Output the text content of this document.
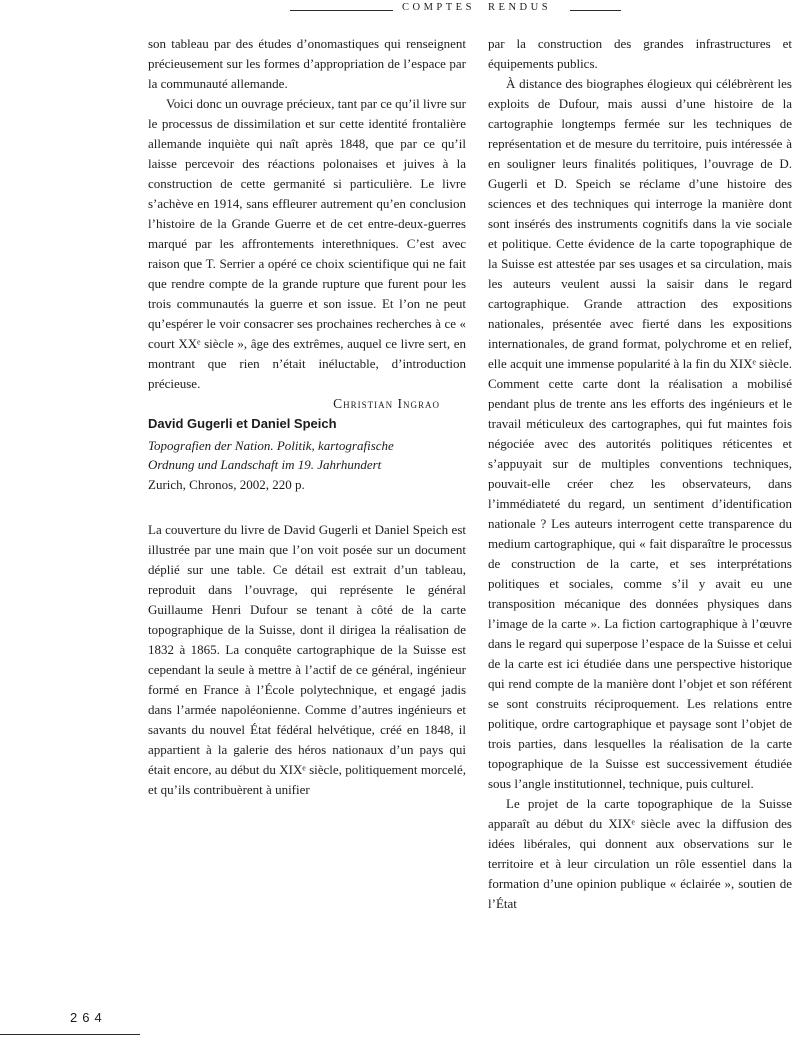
COMPTES RENDUS

son tableau par des études d’onomastiques qui renseignent précieusement sur les formes d’appropriation de l’espace par la communauté allemande.

Voici donc un ouvrage précieux, tant par ce qu’il livre sur le processus de dissimilation et sur cette identité frontalière allemande inquiète qui naît après 1848, que par ce qu’il laisse percevoir des réactions polonaises et juives à la construction de cette germanité si particulière. Le livre s’achève en 1914, sans effleurer autrement qu’en conclusion l’histoire de la Grande Guerre et de cet entre-deux-guerres marqué par les affrontements interethniques. C’est avec raison que T. Serrier a opéré ce choix scientifique qui ne fait que rendre compte de la grande rupture que furent pour les trois communautés la guerre et son issue. Et l’on ne peut qu’espérer le voir consacrer ses prochaines recherches à ce « court XXᵉ siècle », âge des extrêmes, auquel ce livre sert, en montrant que rien n’était inéluctable, d’introduction précieuse.

Christian Ingrao

David Gugerli et Daniel Speich
Topografien der Nation. Politik, kartografische Ordnung und Landschaft im 19. Jahrhundert
Zurich, Chronos, 2002, 220 p.

La couverture du livre de David Gugerli et Daniel Speich est illustrée par une main que l’on voit posée sur un document déplié sur une table. Ce détail est extrait d’un tableau, reproduit dans l’ouvrage, qui représente le général Guillaume Henri Dufour se tenant à côté de la carte topographique de la Suisse, dont il dirigea la réalisation de 1832 à 1865. La conquête cartographique de la Suisse est cependant la seule à mettre à l’actif de ce général, ingénieur formé en France à l’École polytechnique, et engagé jadis dans l’armée napoléonienne. Comme d’autres ingénieurs et savants du nouvel État fédéral helvétique, créé en 1848, il appartient à la galerie des héros nationaux d’un pays qui était encore, au début du XIXᵉ siècle, politiquement morcelé, et qu’ils contribuèrent à unifier

par la construction des grandes infrastructures et équipements publics.

À distance des biographes élogieux qui célébrèrent les exploits de Dufour, mais aussi d’une histoire de la cartographie longtemps fermée sur les techniques de représentation et de mesure du territoire, puis intéressée à en souligner leurs finalités politiques, l’ouvrage de D. Gugerli et D. Speich se réclame d’une histoire des sciences et des techniques qui interroge la manière dont sont insérés des instruments cognitifs dans la vie sociale et politique. Cette évidence de la carte topographique de la Suisse est attestée par ses usages et sa circulation, mais les auteurs veulent aussi la saisir dans le regard cartographique. Grande attraction des expositions nationales, présentée avec fierté dans les expositions internationales, de grand format, polychrome et en relief, elle acquit une immense popularité à la fin du XIXᵉ siècle. Comment cette carte dont la réalisation a mobilisé pendant plus de trente ans les efforts des ingénieurs et le travail méticuleux des cartographes, qui fut maintes fois négociée avec des autorités politiques réticentes et s’appuyait sur de multiples conventions techniques, pouvait-elle créer chez les observateurs, dans l’immédiateté du regard, un sentiment d’identification nationale ? Les auteurs interrogent cette transparence du medium cartographique, qui « fait disparaître le processus de construction de la carte, et ses interprétations politiques et sociales, comme s’il y avait eu une transposition mécanique des données physiques dans l’image de la carte ». La fiction cartographique à l’œuvre dans le regard qui superpose l’espace de la Suisse et celui de la carte est ici étudiée dans une perspective historique qui rend compte de la manière dont l’objet et son référent se sont construits réciproquement. Les relations entre politique, ordre cartographique et paysage sont l’objet de trois parties, dans lesquelles la réalisation de la carte topographique de la Suisse est successivement étudiée sous l’angle institutionnel, technique, puis culturel.

Le projet de la carte topographique de la Suisse apparaît au début du XIXᵉ siècle avec la diffusion des idées libérales, qui donnent aux observations sur le territoire et à leur circulation un rôle essentiel dans la formation d’une opinion publique « éclairée », soutien de l’État

264
